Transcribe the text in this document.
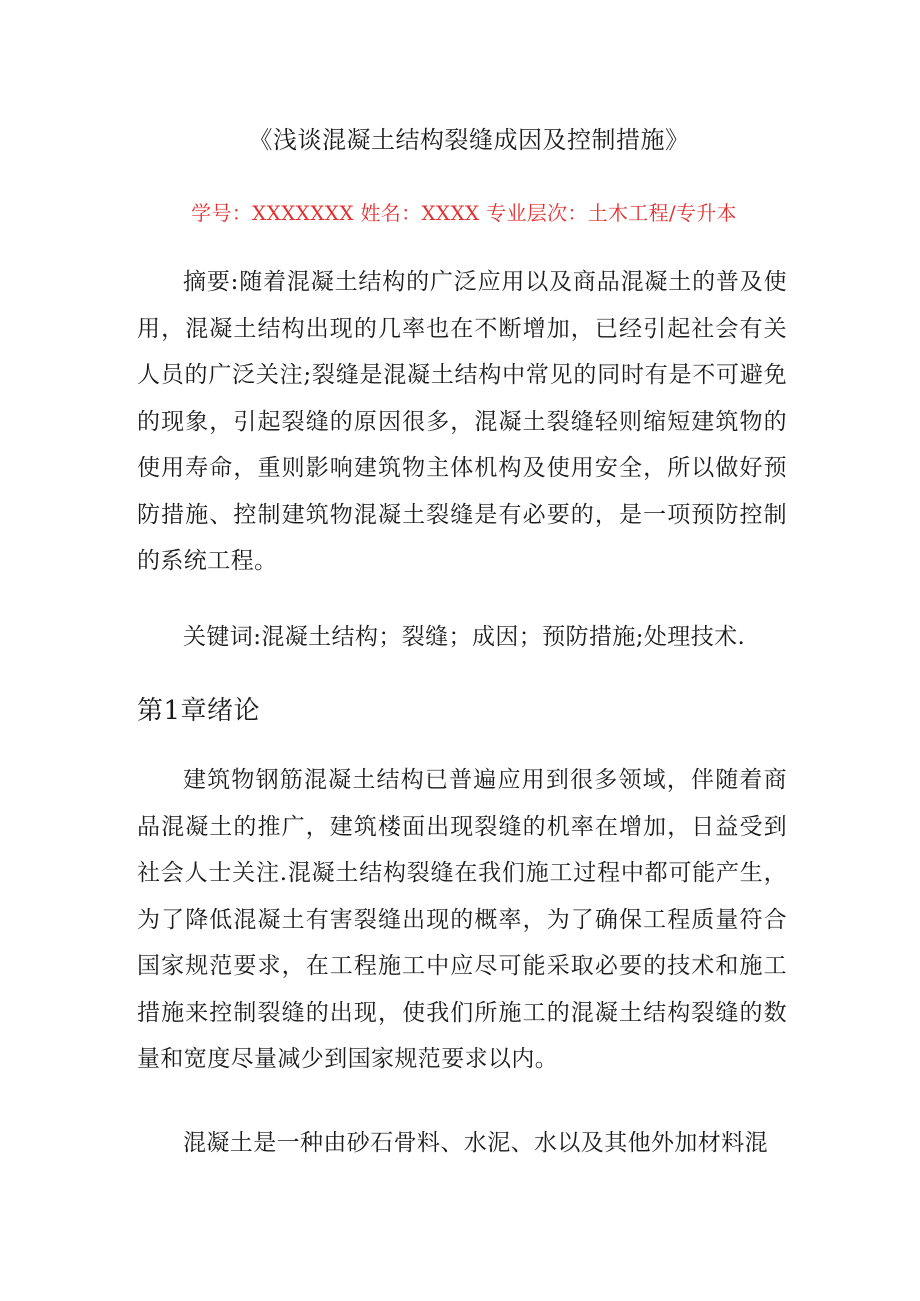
《浅谈混凝土结构裂缝成因及控制措施》
学号：XXXXXXX 姓名：XXXX 专业层次：土木工程/专升本
摘要:随着混凝土结构的广泛应用以及商品混凝土的普及使用，混凝土结构出现的几率也在不断增加，已经引起社会有关人员的广泛关注;裂缝是混凝土结构中常见的同时有是不可避免的现象，引起裂缝的原因很多，混凝土裂缝轻则缩短建筑物的使用寿命，重则影响建筑物主体机构及使用安全，所以做好预防措施、控制建筑物混凝土裂缝是有必要的，是一项预防控制的系统工程。
关键词:混凝土结构；裂缝；成因；预防措施;处理技术.
第1章绪论
建筑物钢筋混凝土结构已普遍应用到很多领域，伴随着商品混凝土的推广，建筑楼面出现裂缝的机率在增加，日益受到社会人士关注.混凝土结构裂缝在我们施工过程中都可能产生，为了降低混凝土有害裂缝出现的概率，为了确保工程质量符合国家规范要求，在工程施工中应尽可能采取必要的技术和施工措施来控制裂缝的出现，使我们所施工的混凝土结构裂缝的数量和宽度尽量减少到国家规范要求以内。
混凝土是一种由砂石骨料、水泥、水以及其他外加材料混
